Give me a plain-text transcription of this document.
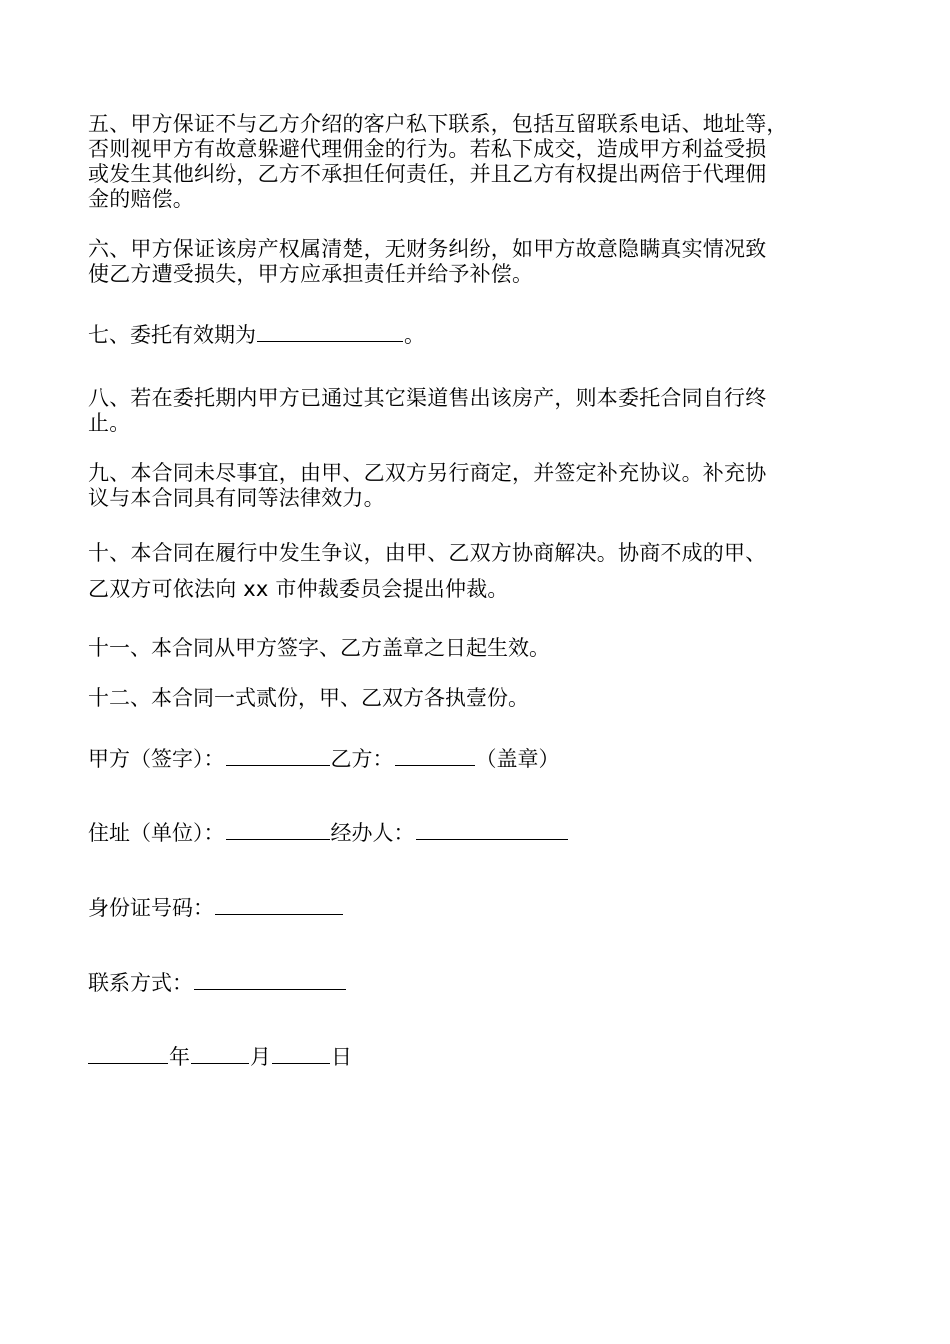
五、甲方保证不与乙方介绍的客户私下联系，包括互留联系电话、地址等，
否则视甲方有故意躲避代理佣金的行为。若私下成交，造成甲方利益受损
或发生其他纠纷，乙方不承担任何责任，并且乙方有权提出两倍于代理佣
金的赔偿。
六、甲方保证该房产权属清楚，无财务纠纷，如甲方故意隐瞒真实情况致
使乙方遭受损失，甲方应承担责任并给予补偿。
七、委托有效期为	。
八、若在委托期内甲方已通过其它渠道售出该房产，则本委托合同自行终
止。
九、本合同未尽事宜，由甲、乙双方另行商定，并签定补充协议。补充协
议与本合同具有同等法律效力。
十、本合同在履行中发生争议，由甲、乙双方协商解决。协商不成的甲、
乙双方可依法向 xx 市仲裁委员会提出仲裁。
十一、本合同从甲方签字、乙方盖章之日起生效。
十二、本合同一式贰份，甲、乙双方各执壹份。
甲方（签字）：	乙方：	（盖章）
住址（单位）：	经办人：
身份证号码：
联系方式：
年	月	日
